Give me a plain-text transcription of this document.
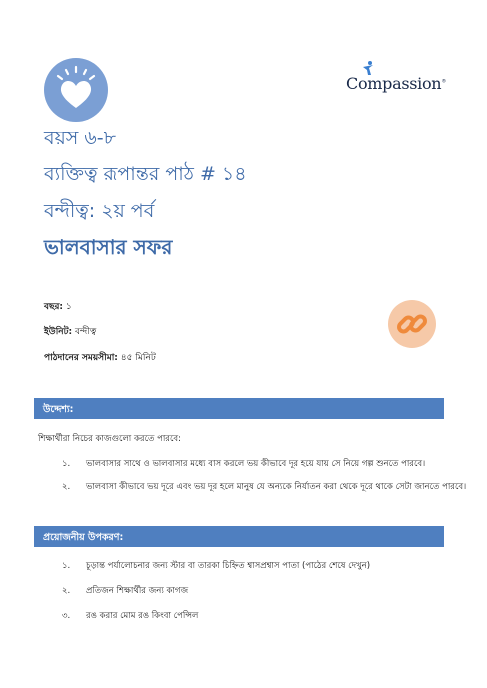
Compassion®
বয়স ৬-৮
ব্যক্তিত্ব রূপান্তর পাঠ # ১৪
বন্দীত্ব: ২য় পর্ব
ভালবাসার সফর
বছর: ১
ইউনিট: বন্দীত্ব
পাঠদানের সময়সীমা: ৪৫ মিনিট
উদ্দেশ্য:
শিক্ষার্থীরা নিচের কাজগুলো করতে পারবে:
১. ভালবাসার সাথে ও ভালবাসার মধ্যে বাস করলে ভয় কীভাবে দূর হয়ে যায় সে নিয়ে গল্প শুনতে পারবে।
২. ভালবাসা কীভাবে ভয় দূরে এবং ভয় দূর হলে মানুষ যে অন্যকে নির্যাতন করা থেকে দূরে থাকে সেটা জানতে পারবে।
প্রয়োজনীয় উপকরণ:
১. চূড়ান্ত পর্যালোচনার জন্য স্টার বা তারকা চিহ্নিত শ্বাসপ্রশ্বাস পাতা (পাঠের শেষে দেখুন)
২. প্রতিজন শিক্ষার্থীর জন্য কাগজ
৩. রঙ করার মোম রঙ কিংবা পেন্সিল
